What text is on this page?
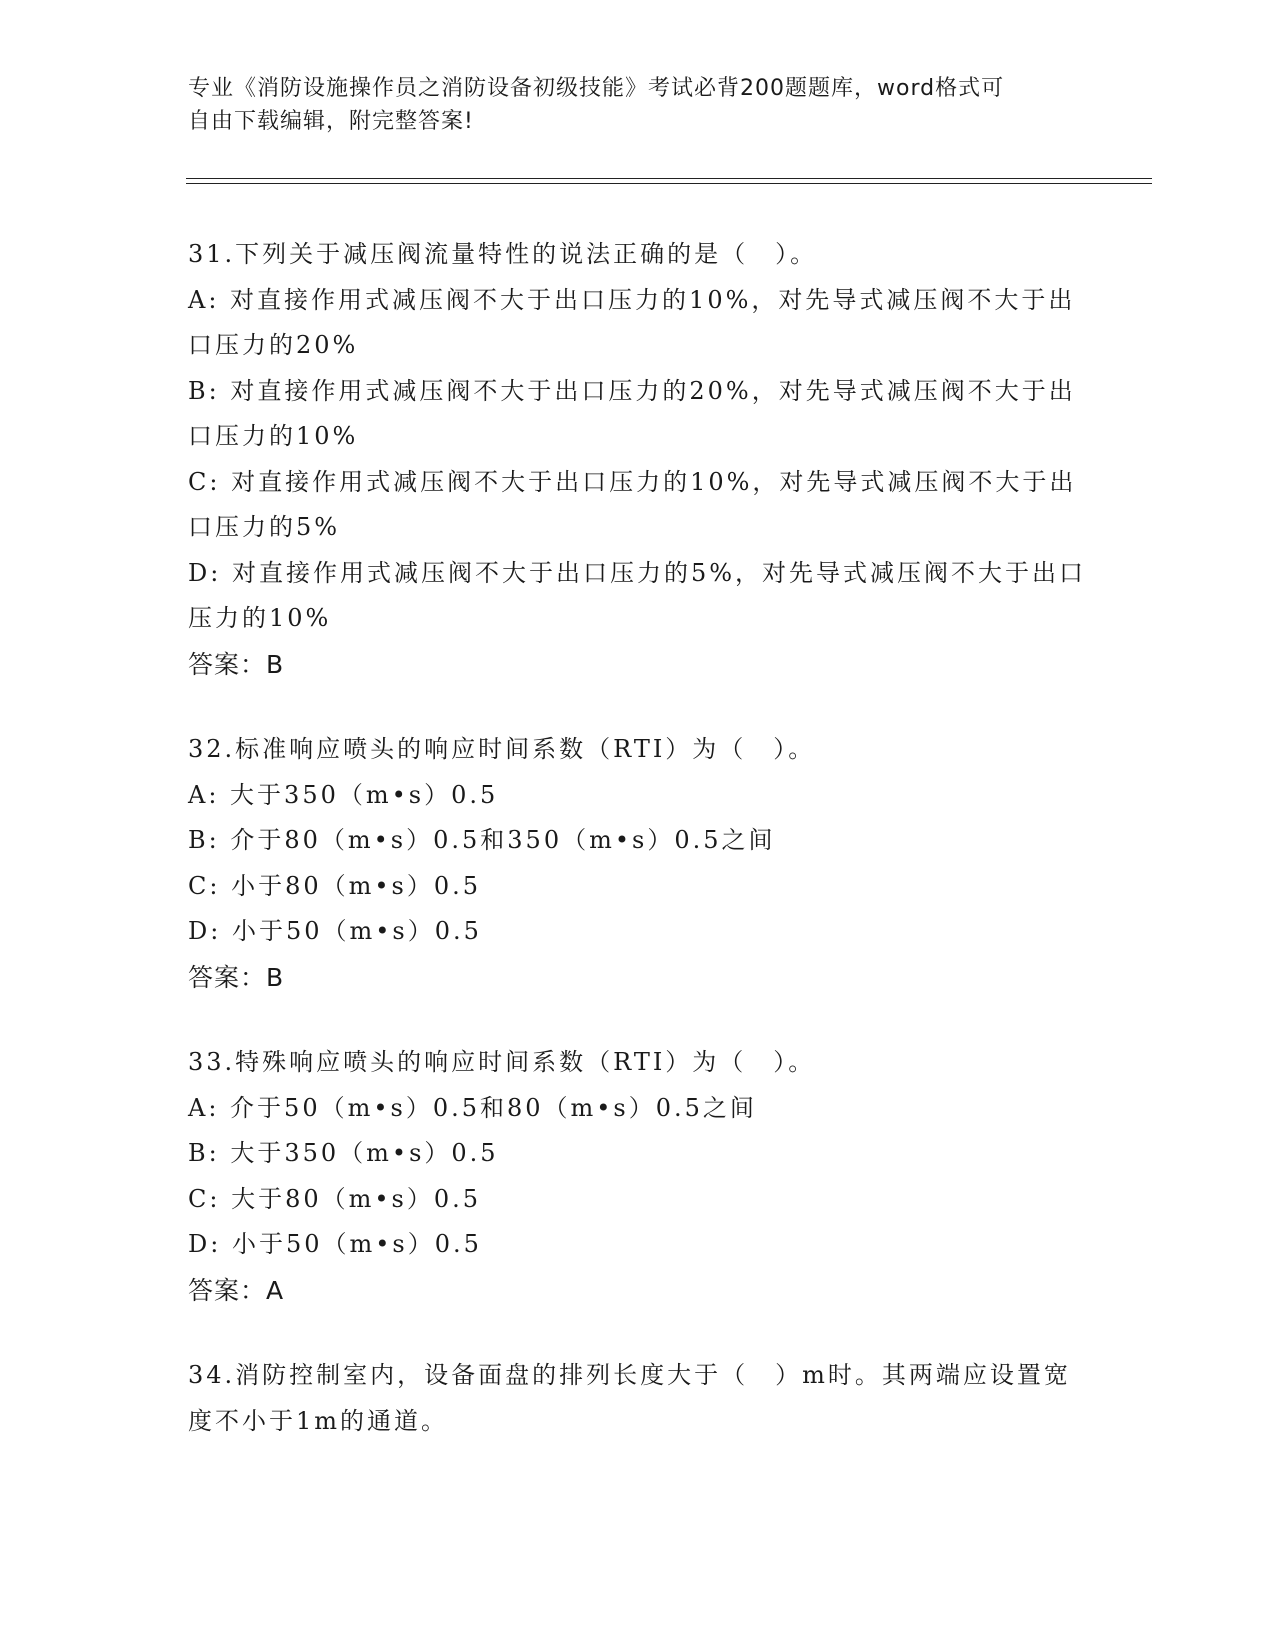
专业《消防设施操作员之消防设备初级技能》考试必背200题题库，word格式可
自由下载编辑，附完整答案!
31.下列关于减压阀流量特性的说法正确的是（　）。
A: 对直接作用式减压阀不大于出口压力的10%，对先导式减压阀不大于出口压力的20%
B: 对直接作用式减压阀不大于出口压力的20%，对先导式减压阀不大于出口压力的10%
C: 对直接作用式减压阀不大于出口压力的10%，对先导式减压阀不大于出口压力的5%
D: 对直接作用式减压阀不大于出口压力的5%，对先导式减压阀不大于出口压力的10%
答案：B
32.标准响应喷头的响应时间系数（RTI）为（　）。
A: 大于350（m•s）0.5
B: 介于80（m•s）0.5和350（m•s）0.5之间
C: 小于80（m•s）0.5
D: 小于50（m•s）0.5
答案：B
33.特殊响应喷头的响应时间系数（RTI）为（　）。
A: 介于50（m•s）0.5和80（m•s）0.5之间
B: 大于350（m•s）0.5
C: 大于80（m•s）0.5
D: 小于50（m•s）0.5
答案：A
34.消防控制室内，设备面盘的排列长度大于（　）m时。其两端应设置宽度不小于1m的通道。
